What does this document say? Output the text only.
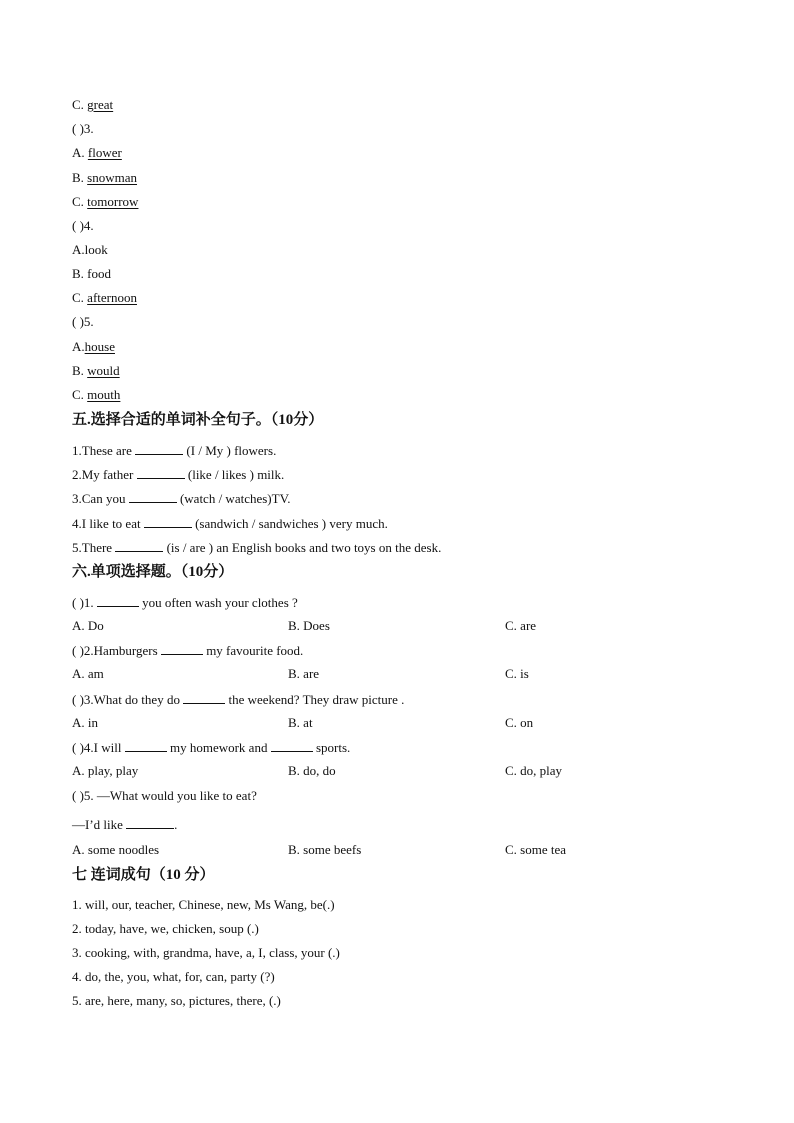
C. great
( )3.
A. flower
B. snowman
C. tomorrow
( )4.
A.look
B. food
C. afternoon
( )5.
A.house
B. would
C. mouth
五.选择合适的单词补全句子。（10分）
1.These are	(I / My ) flowers.
2.My father	(like / likes ) milk.
3.Can you	(watch / watches)TV.
4.I like to eat	(sandwich / sandwiches ) very much.
5.There	(is / are ) an English books and two toys on the desk.
六.单项选择题。（10分）
( )1.	you often wash your clothes ?
A. Do	B. Does	C. are
( )2.Hamburgers	my favourite food.
A. am	B. are	C. is
( )3.What do they do	the weekend? They draw picture .
A. in	B. at	C. on
( )4.I will	my homework and	sports.
A. play, play	B. do, do	C. do, play
( )5. —What would you like to eat?
—I’d like	.
A. some noodles	B. some beefs	C. some tea
七 连词成句（10 分）
1. will, our, teacher, Chinese, new, Ms Wang, be(.)
2. today, have, we, chicken, soup (.)
3. cooking, with, grandma, have, a, I, class, your (.)
4. do, the, you, what, for, can, party (?)
5. are, here, many, so, pictures, there, (.)
